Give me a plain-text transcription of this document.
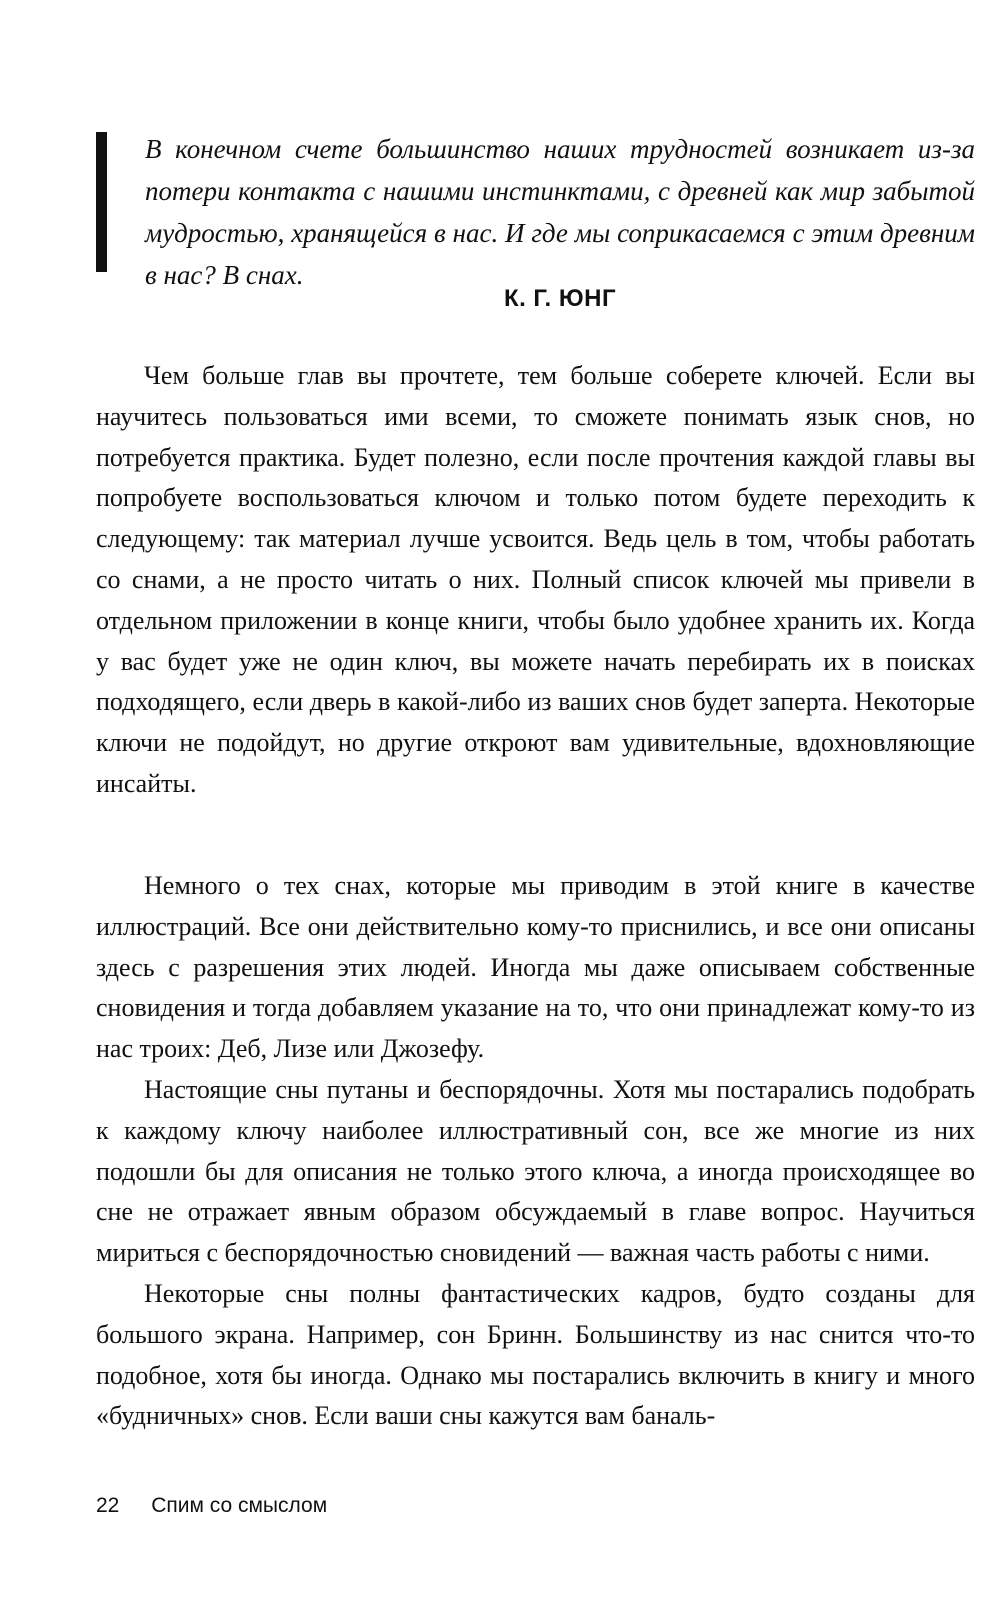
В конечном счете большинство наших трудностей возникает из-за потери контакта с нашими инстинктами, с древней как мир забытой мудростью, хранящейся в нас. И где мы соприкасаемся с этим древним в нас? В снах.
К. Г. ЮНГ

Чем больше глав вы прочтете, тем больше соберете ключей. Если вы научитесь пользоваться ими всеми, то сможете понимать язык снов, но потребуется практика. Будет полезно, если после прочтения каждой главы вы попробуете воспользоваться ключом и только потом будете переходить к следующему: так материал лучше усвоится. Ведь цель в том, чтобы работать со снами, а не просто читать о них. Полный список ключей мы привели в отдельном приложении в конце книги, чтобы было удобнее хранить их. Когда у вас будет уже не один ключ, вы можете начать перебирать их в поисках подходящего, если дверь в какой-либо из ваших снов будет заперта. Некоторые ключи не подойдут, но другие откроют вам удивительные, вдохновляющие инсайты.

Немного о тех снах, которые мы приводим в этой книге в качестве иллюстраций. Все они действительно кому-то приснились, и все они описаны здесь с разрешения этих людей. Иногда мы даже описываем собственные сновидения и тогда добавляем указание на то, что они принадлежат кому-то из нас троих: Деб, Лизе или Джозефу.

Настоящие сны путаны и беспорядочны. Хотя мы постарались подобрать к каждому ключу наиболее иллюстративный сон, все же многие из них подошли бы для описания не только этого ключа, а иногда происходящее во сне не отражает явным образом обсуждаемый в главе вопрос. Научиться мириться с беспорядочностью сновидений — важная часть работы с ними.

Некоторые сны полны фантастических кадров, будто созданы для большого экрана. Например, сон Бринн. Большинству из нас снится что-то подобное, хотя бы иногда. Однако мы постарались включить в книгу и много «будничных» снов. Если ваши сны кажутся вам баналь-

22 Спим со смыслом
